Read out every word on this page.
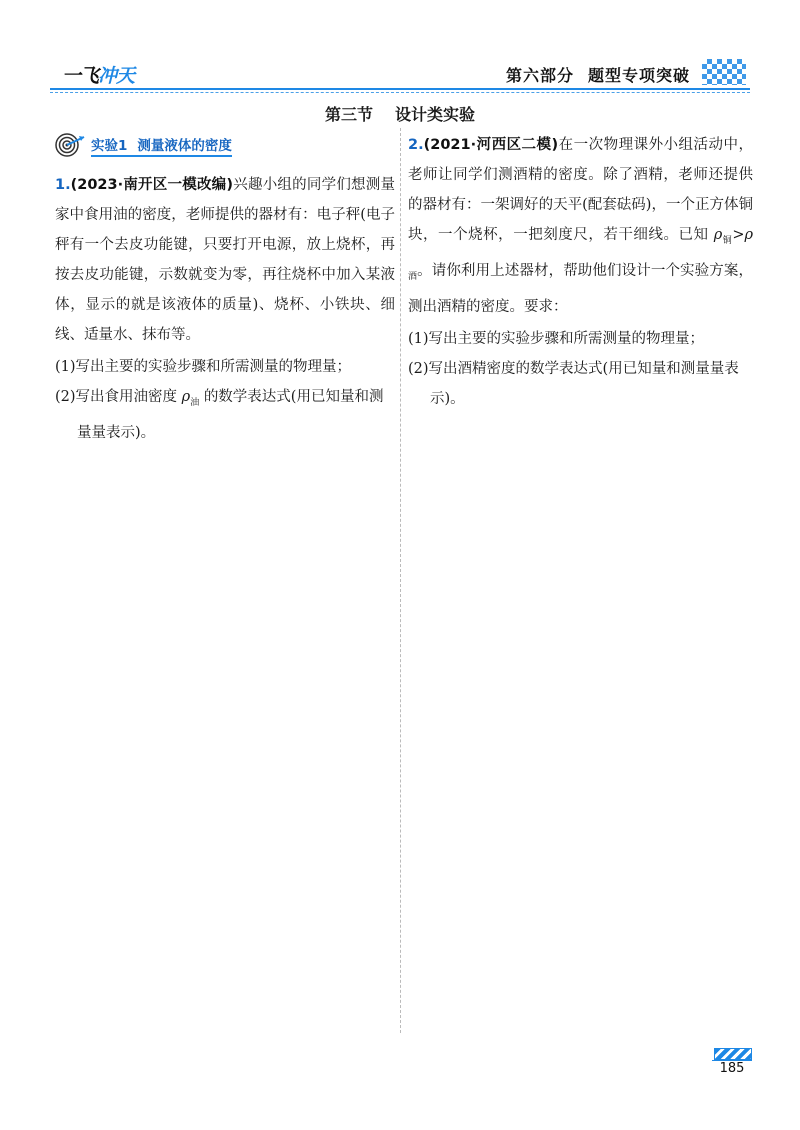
一飞冲天	第六部分 题型专项突破
第三节 设计类实验
实验1 测量液体的密度

1.(2023·南开区一模改编)兴趣小组的同学们想测量家中食用油的密度，老师提供的器材有：电子秤(电子秤有一个去皮功能键，只要打开电源，放上烧杯，再按去皮功能键，示数就变为零，再往烧杯中加入某液体，显示的就是该液体的质量)、烧杯、小铁块、细线、适量水、抹布等。

(1)写出主要的实验步骤和所需测量的物理量；

(2)写出食用油密度 $\rho_油$ 的数学表达式(用已知量和测量量表示)。

2.(2021·河西区二模)在一次物理课外小组活动中，老师让同学们测酒精的密度。除了酒精，老师还提供的器材有：一架调好的天平(配套砝码)，一个正方体铜块，一个烧杯，一把刻度尺，若干细线。已知 $\rho_铜>\rho_酒$。请你利用上述器材，帮助他们设计一个实验方案，测出酒精的密度。要求：

(1)写出主要的实验步骤和所需测量的物理量；

(2)写出酒精密度的数学表达式(用已知量和测量量表示)。

185
